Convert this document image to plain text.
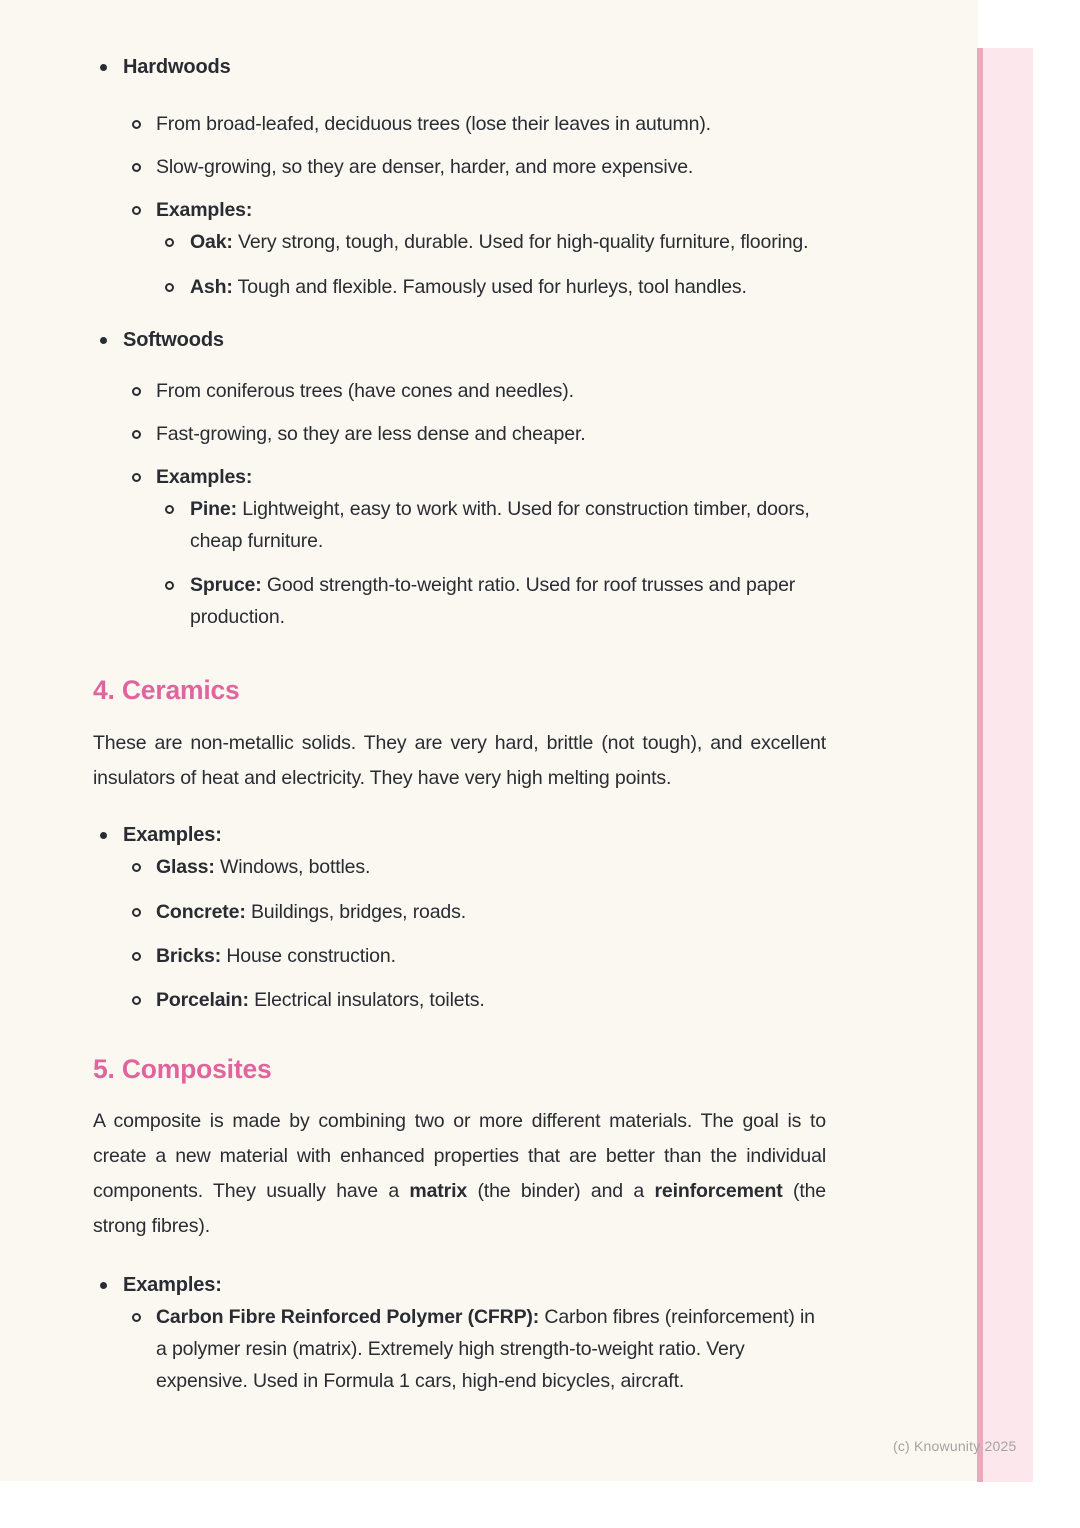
Hardwoods
From broad-leafed, deciduous trees (lose their leaves in autumn).
Slow-growing, so they are denser, harder, and more expensive.
Examples:
Oak: Very strong, tough, durable. Used for high-quality furniture, flooring.
Ash: Tough and flexible. Famously used for hurleys, tool handles.
Softwoods
From coniferous trees (have cones and needles).
Fast-growing, so they are less dense and cheaper.
Examples:
Pine: Lightweight, easy to work with. Used for construction timber, doors, cheap furniture.
Spruce: Good strength-to-weight ratio. Used for roof trusses and paper production.
4. Ceramics
These are non-metallic solids. They are very hard, brittle (not tough), and excellent insulators of heat and electricity. They have very high melting points.
Examples:
Glass: Windows, bottles.
Concrete: Buildings, bridges, roads.
Bricks: House construction.
Porcelain: Electrical insulators, toilets.
5. Composites
A composite is made by combining two or more different materials. The goal is to create a new material with enhanced properties that are better than the individual components. They usually have a matrix (the binder) and a reinforcement (the strong fibres).
Examples:
Carbon Fibre Reinforced Polymer (CFRP): Carbon fibres (reinforcement) in a polymer resin (matrix). Extremely high strength-to-weight ratio. Very expensive. Used in Formula 1 cars, high-end bicycles, aircraft.
(c) Knowunity 2025
